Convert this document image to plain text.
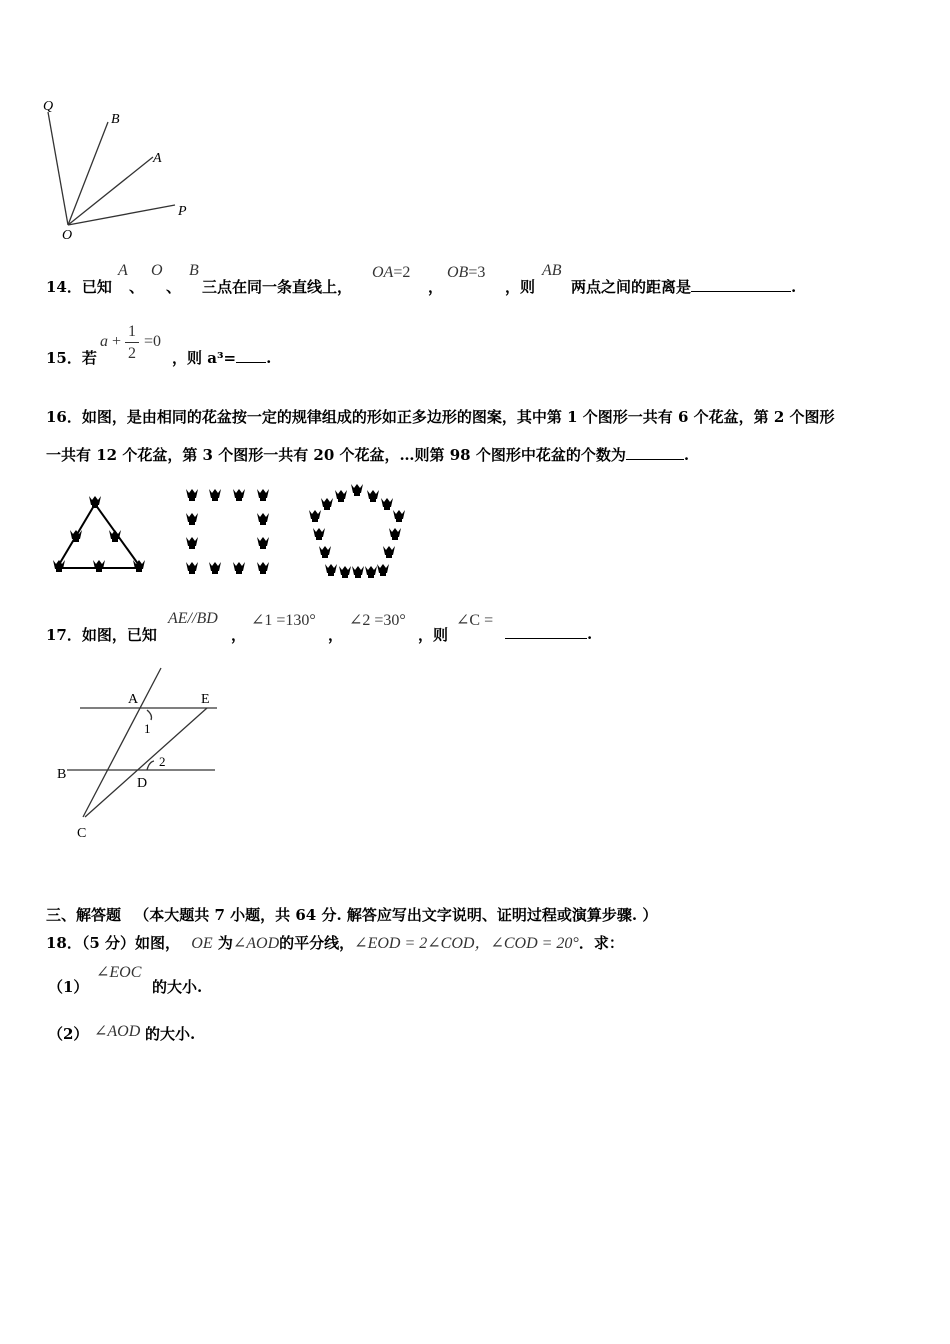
Q
B
A
P
O
14．已知
A
、
O
、
B
三点在同一条直线上，
OA=2
，
OB=3
，则
AB
两点之间的距离是	.
15．若
a +
1
2
=0
，则 a³= .
16．如图，是由相同的花盆按一定的规律组成的形如正多边形的图案，其中第 1 个图形一共有 6 个花盆，第 2 个图形
一共有 12 个花盆，第 3 个图形一共有 20 个花盆，…则第 98 个图形中花盆的个数为	.
17．如图，已知
AE//BD
，
∠1 =130°
，
∠2 =30°
，则
∠C =
.
A	E
1
B
D
2
C
三、解答题 （本大题共 7 小题，共 64 分. 解答应写出文字说明、证明过程或演算步骤. ）
18．（5 分）如图， OE 为∠AOD的平分线，∠EOD = 2∠COD，∠COD = 20°．求：
（1）
∠EOC
的大小.
（2） ∠AOD 的大小.
